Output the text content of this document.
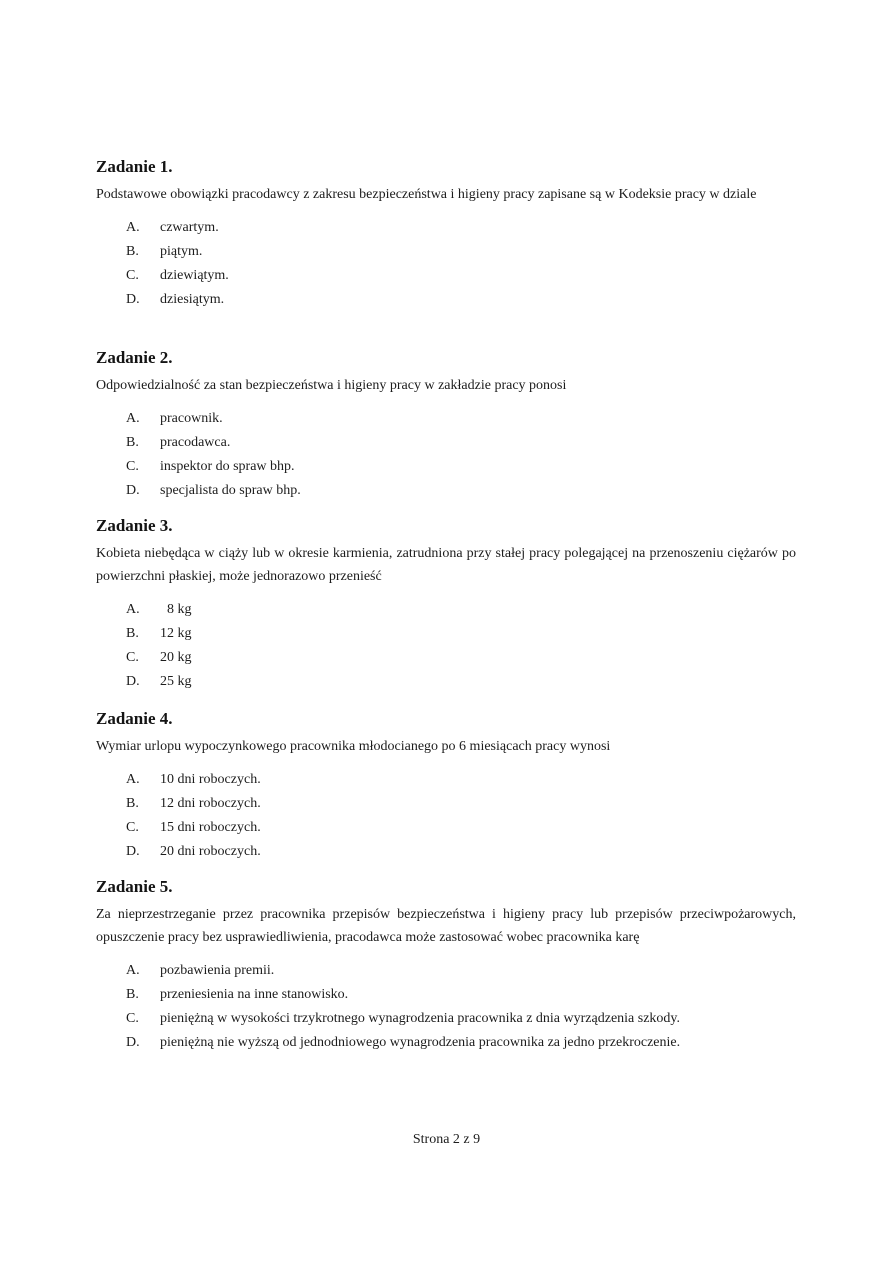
Zadanie 1.

Podstawowe obowiązki pracodawcy z zakresu bezpieczeństwa i higieny pracy zapisane są w Kodeksie pracy w dziale

A.	czwartym.
B.	piątym.
C.	dziewiątym.
D.	dziesiątym.
Zadanie 2.

Odpowiedzialność za stan bezpieczeństwa i higieny pracy w zakładzie pracy ponosi

A.	pracownik.
B.	pracodawca.
C.	inspektor do spraw bhp.
D.	specjalista do spraw bhp.
Zadanie 3.

Kobieta niebędąca w ciąży lub w okresie karmienia, zatrudniona przy stałej pracy polegającej na przenoszeniu ciężarów po powierzchni płaskiej, może jednorazowo przenieść

A.	8 kg
B.	12 kg
C.	20 kg
D.	25 kg
Zadanie 4.

Wymiar urlopu wypoczynkowego pracownika młodocianego po 6 miesiącach pracy wynosi

A.	10 dni roboczych.
B.	12 dni roboczych.
C.	15 dni roboczych.
D.	20 dni roboczych.
Zadanie 5.

Za nieprzestrzeganie przez pracownika przepisów bezpieczeństwa i higieny pracy lub przepisów przeciwpożarowych, opuszczenie pracy bez usprawiedliwienia, pracodawca może zastosować wobec pracownika karę

A.	pozbawienia premii.
B.	przeniesienia na inne stanowisko.
C.	pieniężną w wysokości trzykrotnego wynagrodzenia pracownika z dnia wyrządzenia szkody.
D.	pieniężną nie wyższą od jednodniowego wynagrodzenia pracownika za jedno przekroczenie.
Strona 2 z 9
